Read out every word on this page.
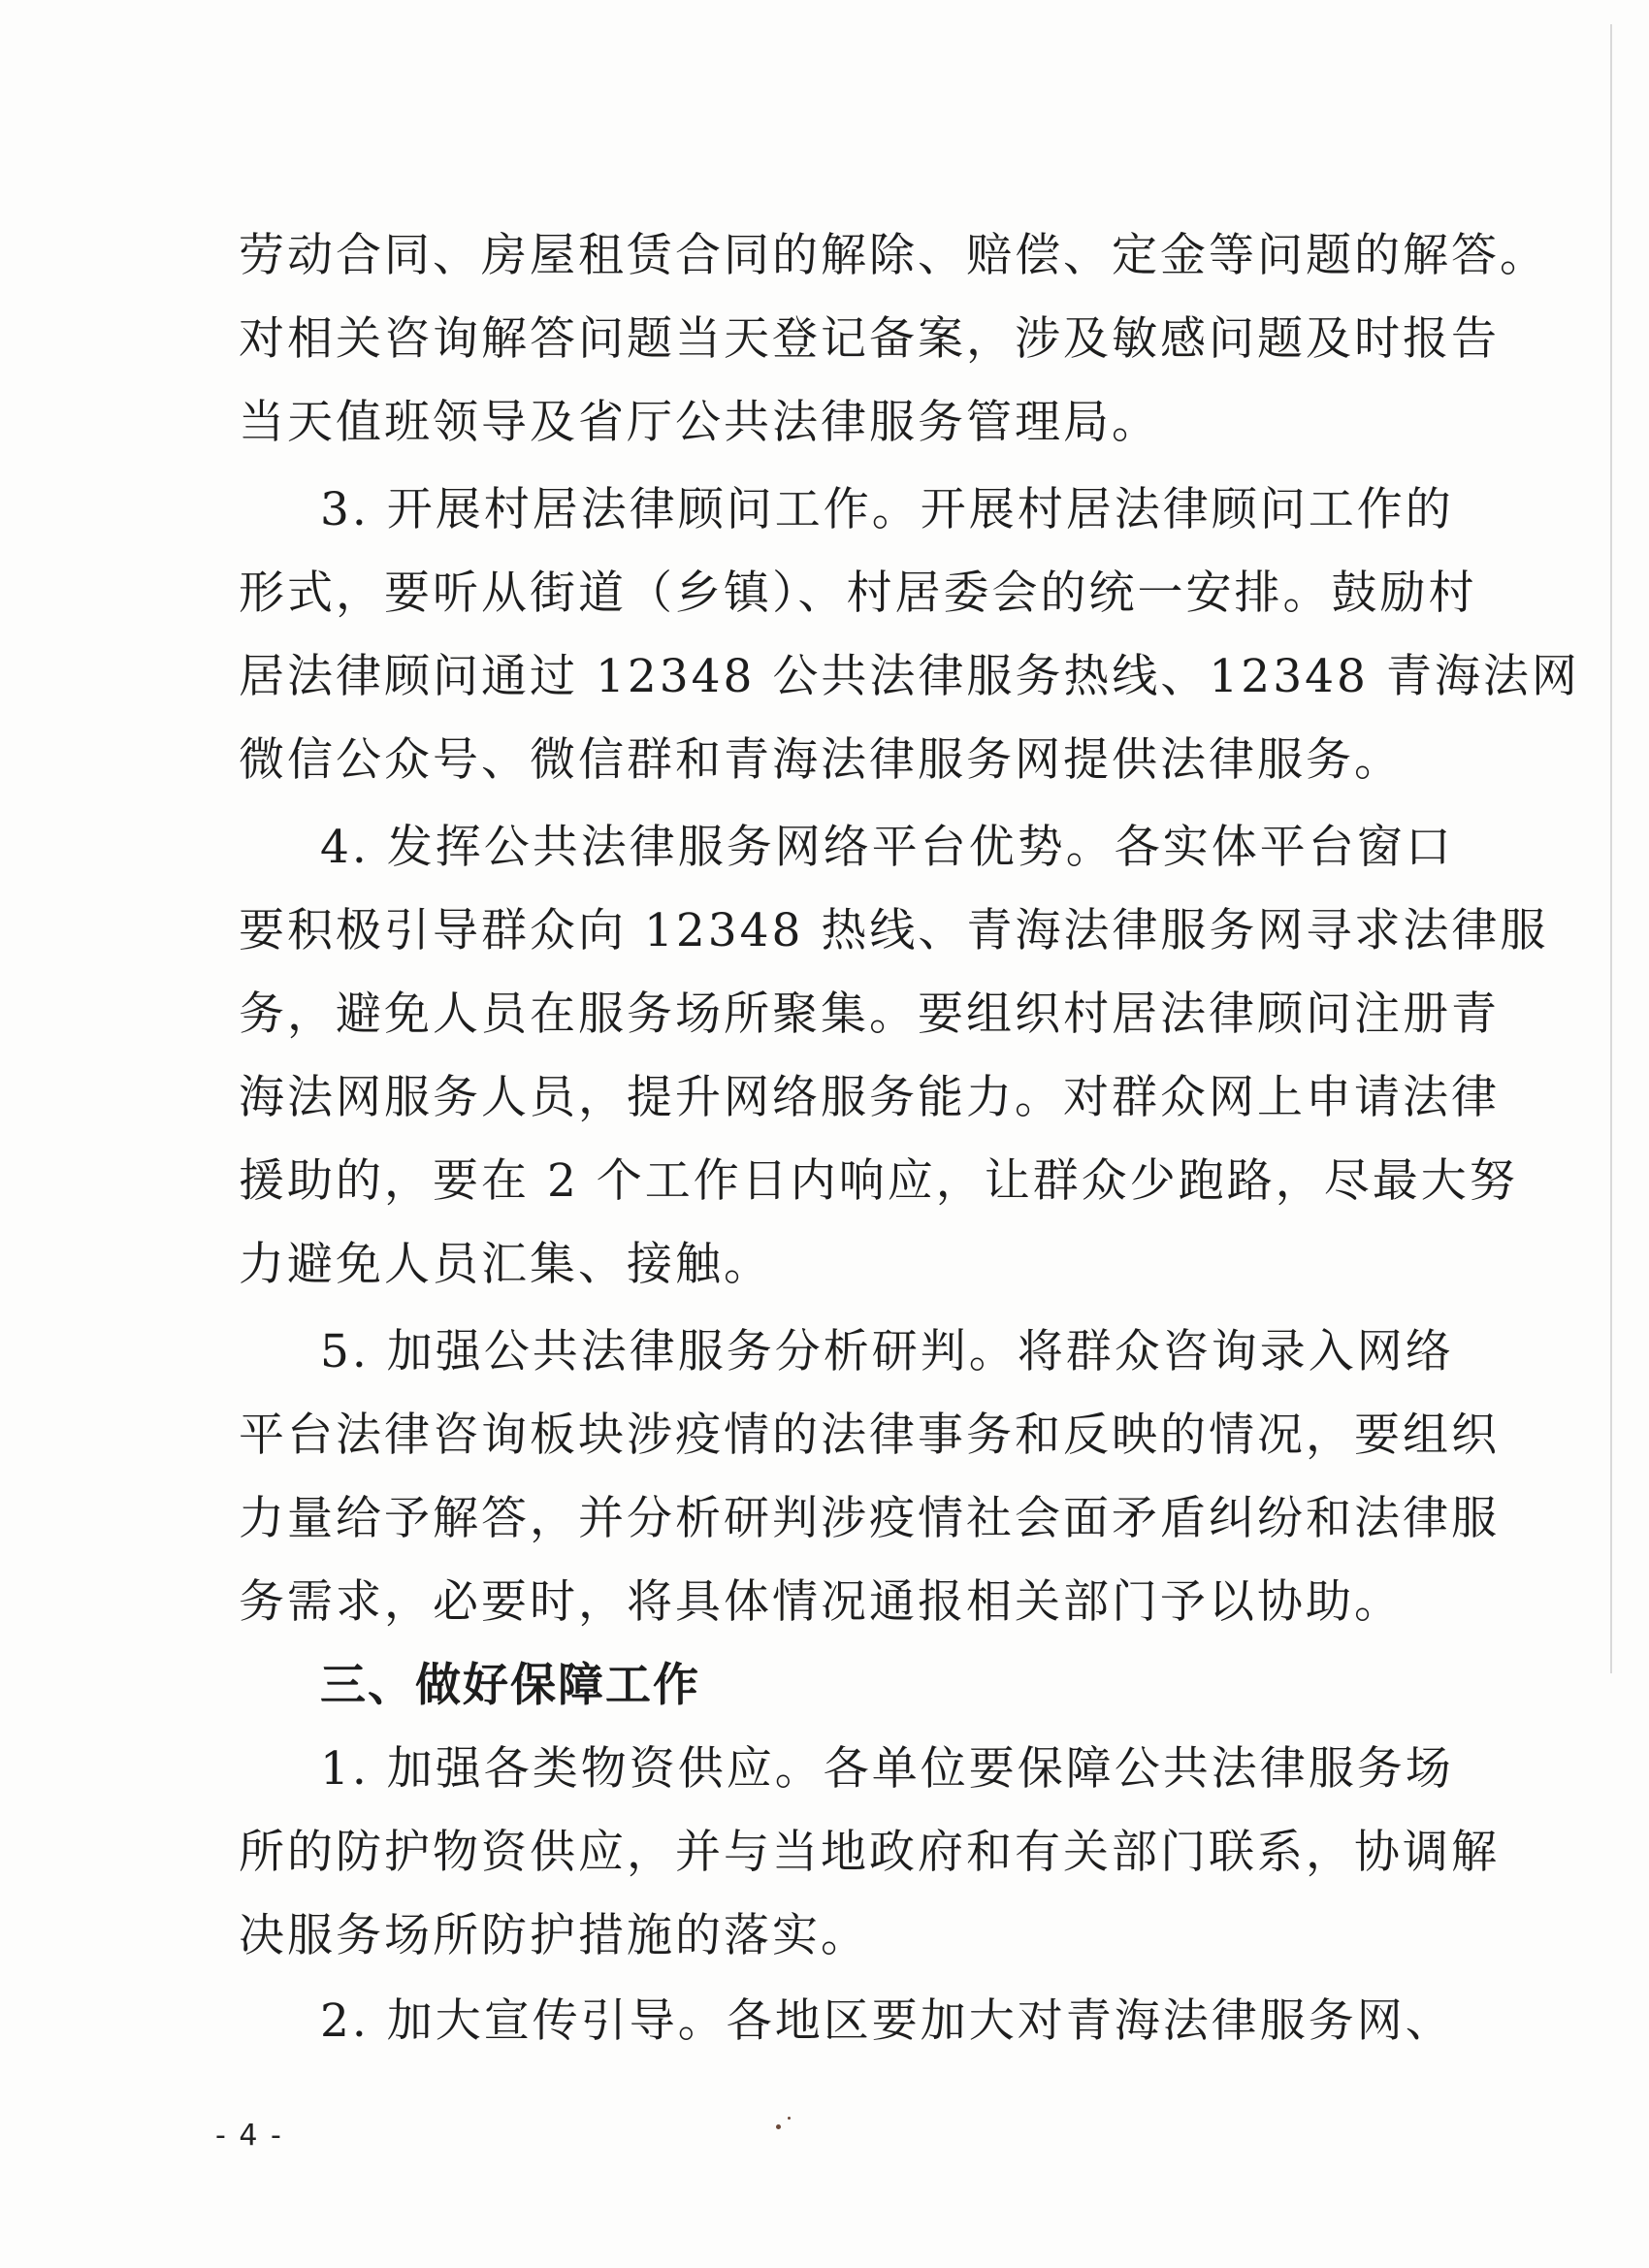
劳动合同、房屋租赁合同的解除、赔偿、定金等问题的解答。
对相关咨询解答问题当天登记备案，涉及敏感问题及时报告
当天值班领导及省厅公共法律服务管理局。
3. 开展村居法律顾问工作。开展村居法律顾问工作的
形式，要听从街道（乡镇）、村居委会的统一安排。鼓励村
居法律顾问通过 12348 公共法律服务热线、12348 青海法网
微信公众号、微信群和青海法律服务网提供法律服务。
4. 发挥公共法律服务网络平台优势。各实体平台窗口
要积极引导群众向 12348 热线、青海法律服务网寻求法律服
务，避免人员在服务场所聚集。要组织村居法律顾问注册青
海法网服务人员，提升网络服务能力。对群众网上申请法律
援助的，要在 2 个工作日内响应，让群众少跑路，尽最大努
力避免人员汇集、接触。
5. 加强公共法律服务分析研判。将群众咨询录入网络
平台法律咨询板块涉疫情的法律事务和反映的情况，要组织
力量给予解答，并分析研判涉疫情社会面矛盾纠纷和法律服
务需求，必要时，将具体情况通报相关部门予以协助。
三、做好保障工作
1. 加强各类物资供应。各单位要保障公共法律服务场
所的防护物资供应，并与当地政府和有关部门联系，协调解
决服务场所防护措施的落实。
2. 加大宣传引导。各地区要加大对青海法律服务网、
- 4 -
